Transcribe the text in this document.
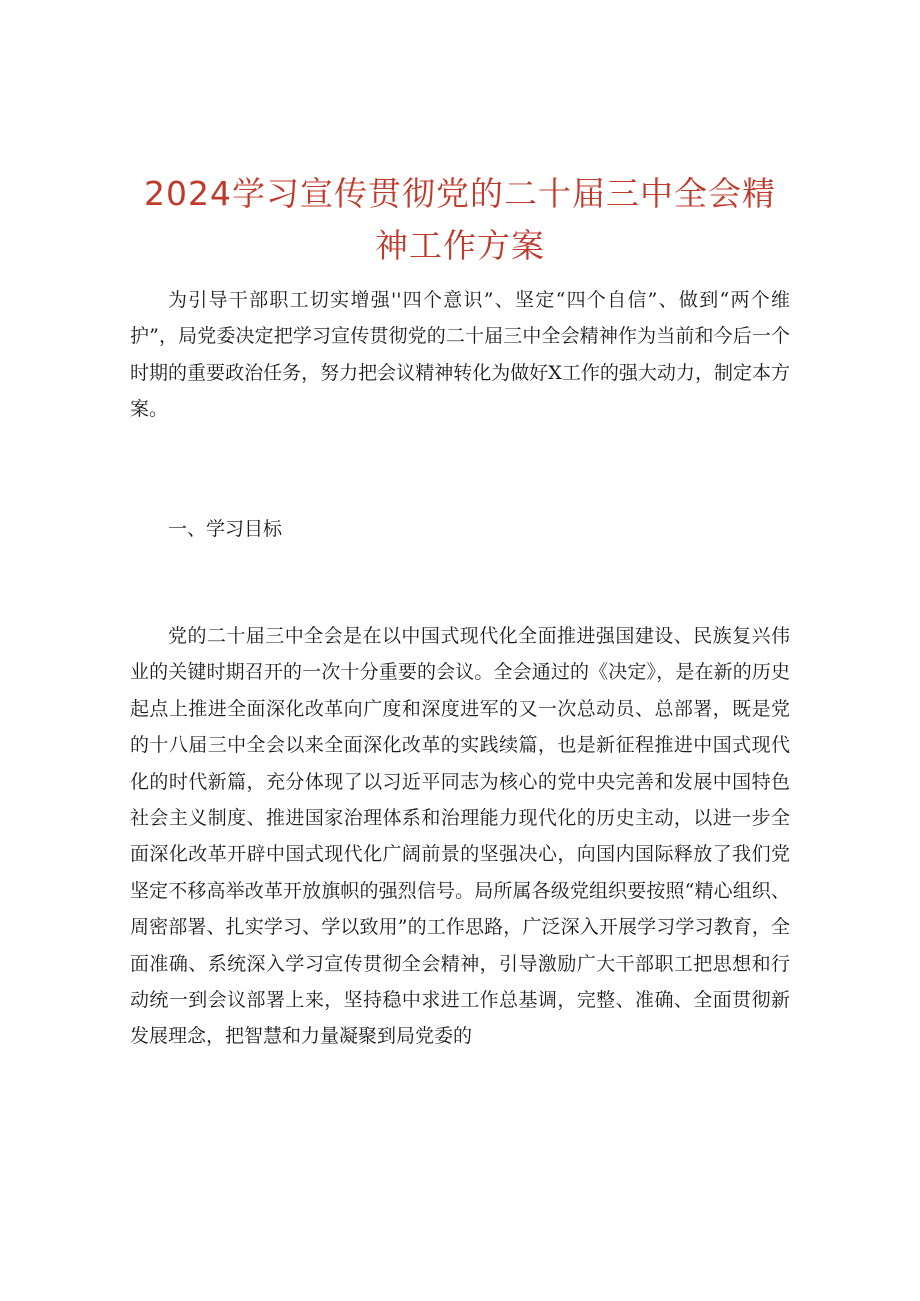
2024学习宣传贯彻党的二十届三中全会精
神工作方案

为引导干部职工切实增强''四个意识”、坚定“四个自信”、做到“两个维护”，局党委决定把学习宣传贯彻党的二十届三中全会精神作为当前和今后一个时期的重要政治任务，努力把会议精神转化为做好X工作的强大动力，制定本方案。

一、学习目标

党的二十届三中全会是在以中国式现代化全面推进强国建设、民族复兴伟业的关键时期召开的一次十分重要的会议。全会通过的《决定》，是在新的历史起点上推进全面深化改革向广度和深度进军的又一次总动员、总部署，既是党的十八届三中全会以来全面深化改革的实践续篇，也是新征程推进中国式现代化的时代新篇，充分体现了以习近平同志为核心的党中央完善和发展中国特色社会主义制度、推进国家治理体系和治理能力现代化的历史主动，以进一步全面深化改革开辟中国式现代化广阔前景的坚强决心，向国内国际释放了我们党坚定不移高举改革开放旗帜的强烈信号。局所属各级党组织要按照“精心组织、周密部署、扎实学习、学以致用”的工作思路，广泛深入开展学习学习教育，全面准确、系统深入学习宣传贯彻全会精神，引导激励广大干部职工把思想和行动统一到会议部署上来，坚持稳中求进工作总基调，完整、准确、全面贯彻新发展理念，把智慧和力量凝聚到局党委的
